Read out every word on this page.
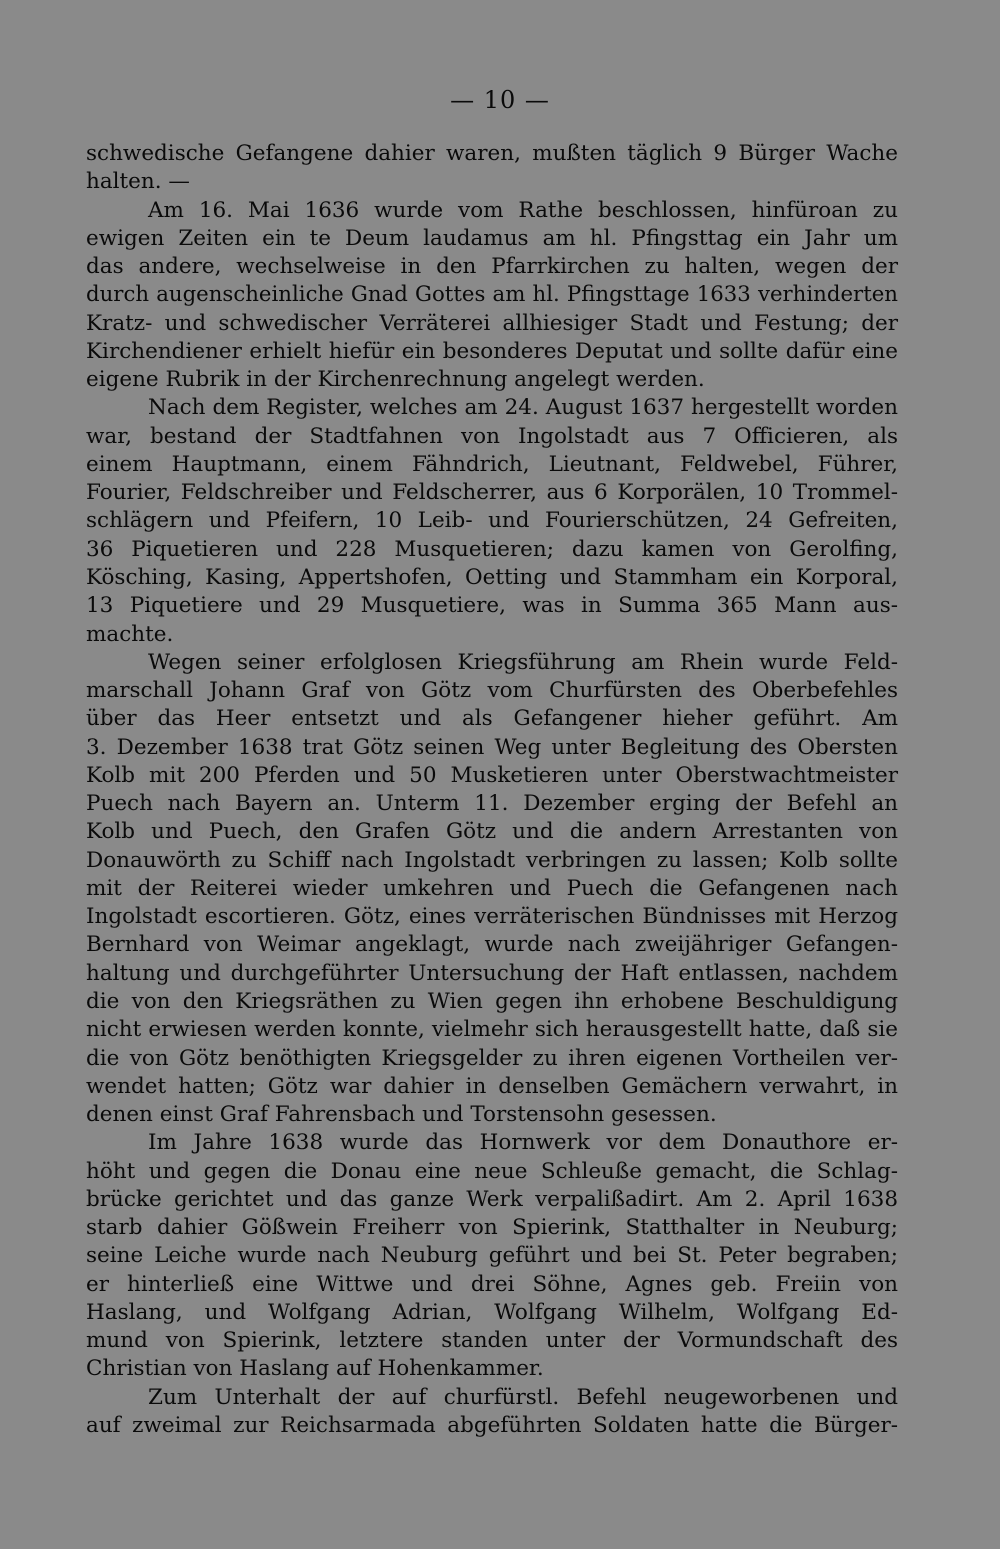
— 10 —
schwedische Gefangene dahier waren, mußten täglich 9 Bürger Wache
halten. —
Am 16. Mai 1636 wurde vom Rathe beschlossen, hinfüroan zu
ewigen Zeiten ein te Deum laudamus am hl. Pfingsttag ein Jahr um
das andere, wechselweise in den Pfarrkirchen zu halten, wegen der
durch augenscheinliche Gnad Gottes am hl. Pfingsttage 1633 verhinderten
Kratz- und schwedischer Verräterei allhiesiger Stadt und Festung; der
Kirchendiener erhielt hiefür ein besonderes Deputat und sollte dafür eine
eigene Rubrik in der Kirchenrechnung angelegt werden.
Nach dem Register, welches am 24. August 1637 hergestellt worden
war, bestand der Stadtfahnen von Ingolstadt aus 7 Officieren, als
einem Hauptmann, einem Fähndrich, Lieutnant, Feldwebel, Führer,
Fourier, Feldschreiber und Feldscherrer, aus 6 Korporälen, 10 Trommel-
schlägern und Pfeifern, 10 Leib- und Fourierschützen, 24 Gefreiten,
36 Piquetieren und 228 Musquetieren; dazu kamen von Gerolfing,
Kösching, Kasing, Appertshofen, Oetting und Stammham ein Korporal,
13 Piquetiere und 29 Musquetiere, was in Summa 365 Mann aus-
machte.
Wegen seiner erfolglosen Kriegsführung am Rhein wurde Feld-
marschall Johann Graf von Götz vom Churfürsten des Oberbefehles
über das Heer entsetzt und als Gefangener hieher geführt. Am
3. Dezember 1638 trat Götz seinen Weg unter Begleitung des Obersten
Kolb mit 200 Pferden und 50 Musketieren unter Oberstwachtmeister
Puech nach Bayern an. Unterm 11. Dezember erging der Befehl an
Kolb und Puech, den Grafen Götz und die andern Arrestanten von
Donauwörth zu Schiff nach Ingolstadt verbringen zu lassen; Kolb sollte
mit der Reiterei wieder umkehren und Puech die Gefangenen nach
Ingolstadt escortieren. Götz, eines verräterischen Bündnisses mit Herzog
Bernhard von Weimar angeklagt, wurde nach zweijähriger Gefangen-
haltung und durchgeführter Untersuchung der Haft entlassen, nachdem
die von den Kriegsräthen zu Wien gegen ihn erhobene Beschuldigung
nicht erwiesen werden konnte, vielmehr sich herausgestellt hatte, daß sie
die von Götz benöthigten Kriegsgelder zu ihren eigenen Vortheilen ver-
wendet hatten; Götz war dahier in denselben Gemächern verwahrt, in
denen einst Graf Fahrensbach und Torstensohn gesessen.
Im Jahre 1638 wurde das Hornwerk vor dem Donauthore er-
höht und gegen die Donau eine neue Schleuße gemacht, die Schlag-
brücke gerichtet und das ganze Werk verpalißadirt. Am 2. April 1638
starb dahier Gößwein Freiherr von Spierink, Statthalter in Neuburg;
seine Leiche wurde nach Neuburg geführt und bei St. Peter begraben;
er hinterließ eine Wittwe und drei Söhne, Agnes geb. Freiin von
Haslang, und Wolfgang Adrian, Wolfgang Wilhelm, Wolfgang Ed-
mund von Spierink, letztere standen unter der Vormundschaft des
Christian von Haslang auf Hohenkammer.
Zum Unterhalt der auf churfürstl. Befehl neugeworbenen und
auf zweimal zur Reichsarmada abgeführten Soldaten hatte die Bürger-
